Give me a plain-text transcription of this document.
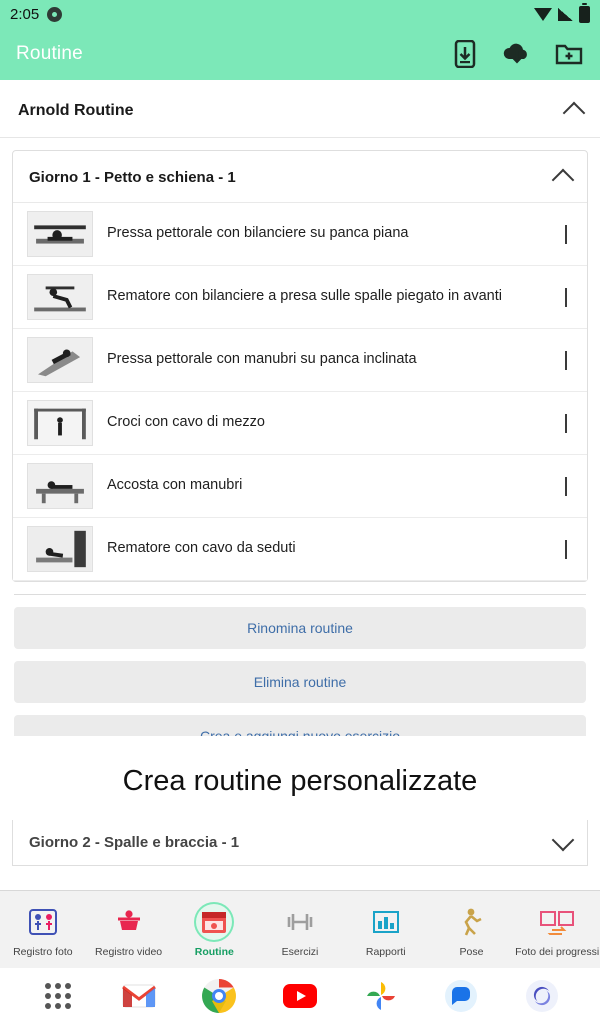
2:05
Routine
Arnold Routine
Giorno 1 - Petto e schiena - 1
Pressa pettorale con bilanciere su panca piana
Rematore con bilanciere a presa sulle spalle piegato in avanti
Pressa pettorale con manubri su panca inclinata
Croci con cavo di mezzo
Accosta con manubri
Rematore con cavo da seduti
Rinomina routine
Elimina routine
Crea routine personalizzate
Giorno 2 - Spalle e braccia - 1
Registro foto Registro video	Routine	Esercizi	Rapporti	Pose	Foto dei progressi
